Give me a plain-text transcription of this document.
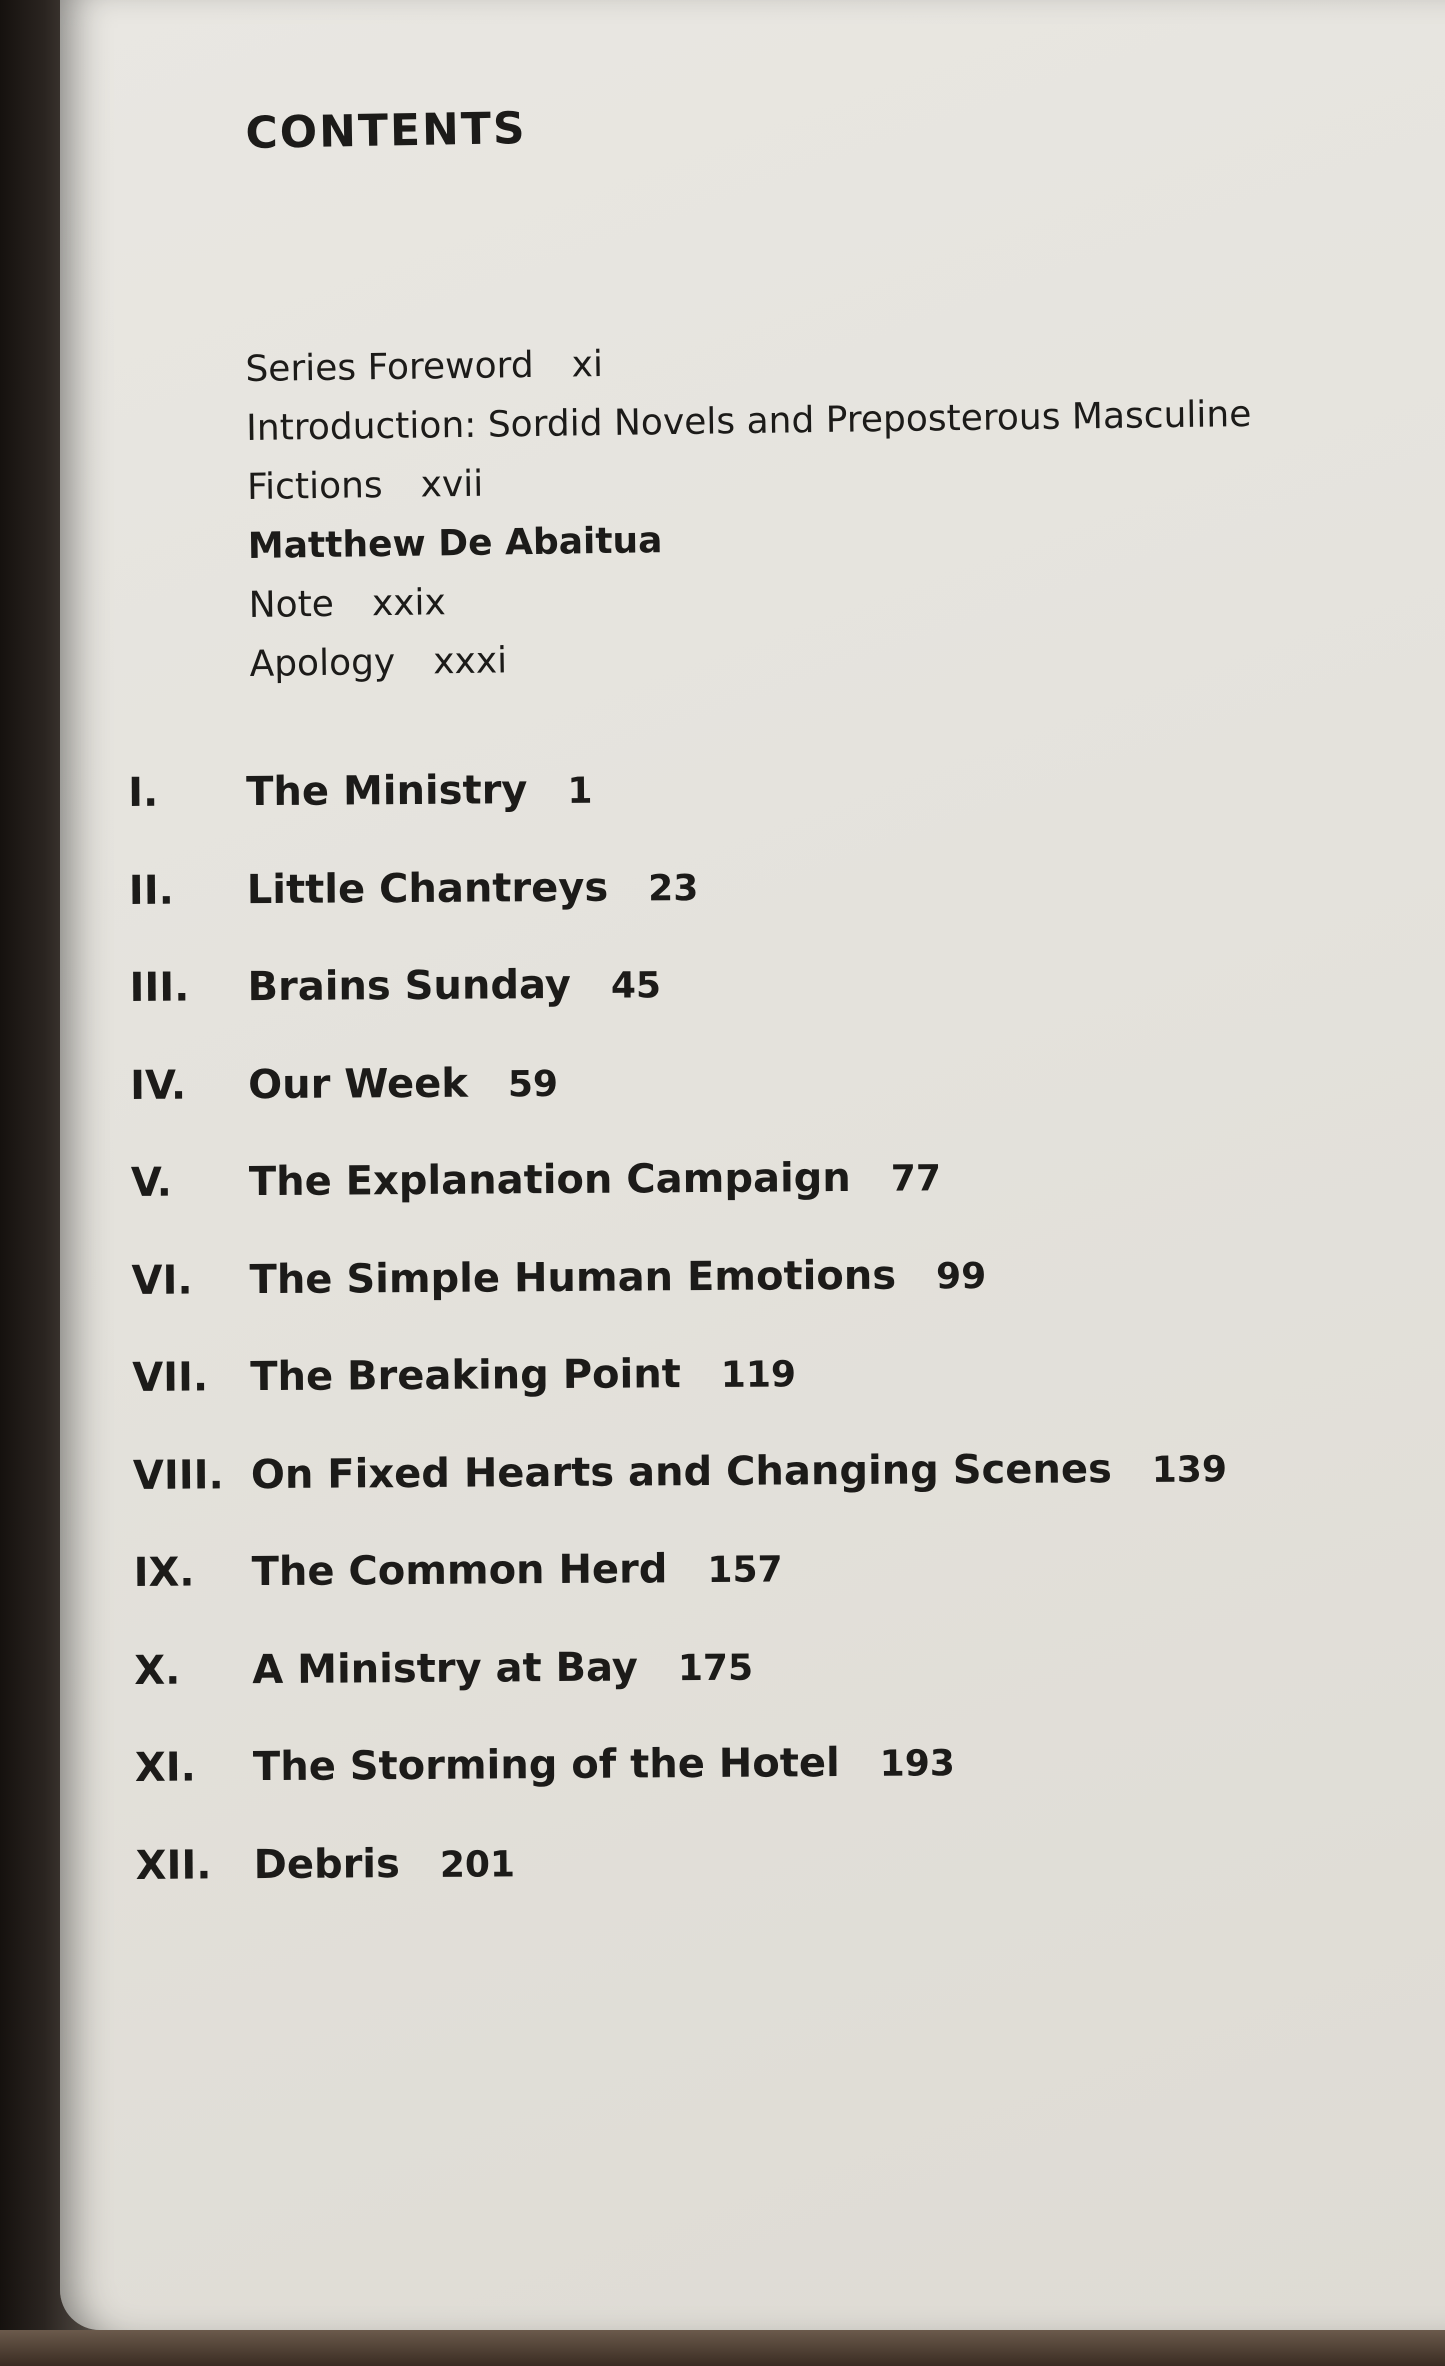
CONTENTS
Series Foreword xi
Introduction: Sordid Novels and Preposterous Masculine
Fictions xvii
Matthew De Abaitua
Note xxix
Apology xxxi
I.	The Ministry 1
II.	Little Chantreys 23
III.	Brains Sunday 45
IV.	Our Week 59
V.	The Explanation Campaign 77
VI.	The Simple Human Emotions 99
VII.	The Breaking Point 119
VIII. On Fixed Hearts and Changing Scenes 139
IX.	The Common Herd 157
X.	A Ministry at Bay 175
XI.	The Storming of the Hotel 193
XII.	Debris 201
